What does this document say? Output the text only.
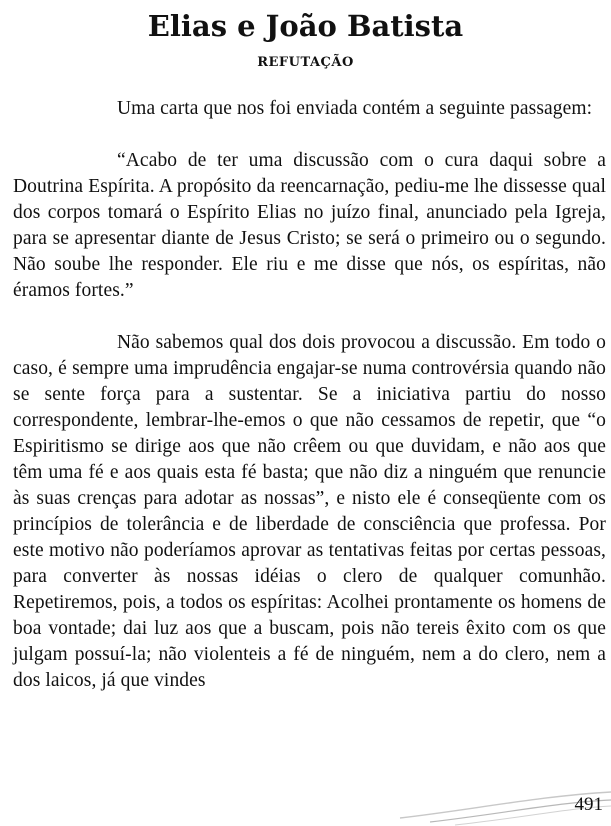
Elias e João Batista
REFUTAÇÃO

Uma carta que nos foi enviada contém a seguinte passagem:

“Acabo de ter uma discussão com o cura daqui sobre a Doutrina Espírita. A propósito da reencarnação, pediu-me lhe dissesse qual dos corpos tomará o Espírito Elias no juízo final, anunciado pela Igreja, para se apresentar diante de Jesus Cristo; se será o primeiro ou o segundo. Não soube lhe responder. Ele riu e me disse que nós, os espíritas, não éramos fortes.”

Não sabemos qual dos dois provocou a discussão. Em todo o caso, é sempre uma imprudência engajar-se numa controvérsia quando não se sente força para a sustentar. Se a iniciativa partiu do nosso correspondente, lembrar-lhe-emos o que não cessamos de repetir, que “o Espiritismo se dirige aos que não crêem ou que duvidam, e não aos que têm uma fé e aos quais esta fé basta; que não diz a ninguém que renuncie às suas crenças para adotar as nossas”, e nisto ele é conseqüente com os princípios de tolerância e de liberdade de consciência que professa. Por este motivo não poderíamos aprovar as tentativas feitas por certas pessoas, para converter às nossas idéias o clero de qualquer comunhão. Repetiremos, pois, a todos os espíritas: Acolhei prontamente os homens de boa vontade; dai luz aos que a buscam, pois não tereis êxito com os que julgam possuí-la; não violenteis a fé de ninguém, nem a do clero, nem a dos laicos, já que vindes

491
